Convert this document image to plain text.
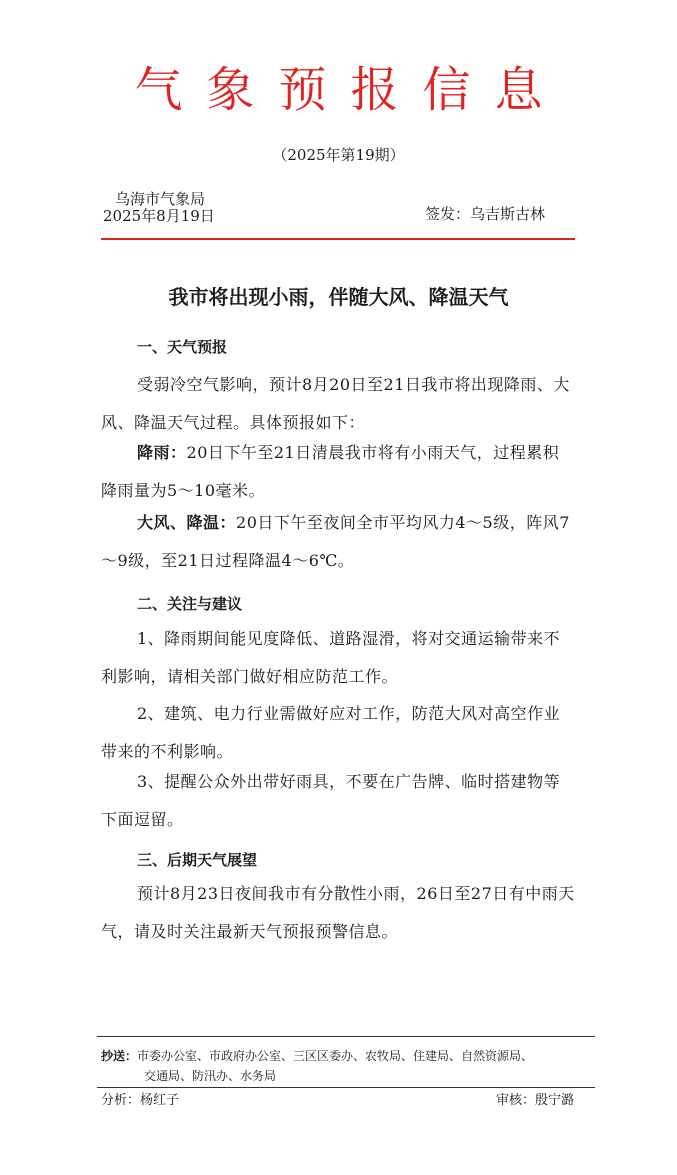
气象预报信息
（2025年第19期）
乌海市气象局
2025年8月19日	签发：乌吉斯古林
我市将出现小雨，伴随大风、降温天气
一、天气预报
受弱冷空气影响，预计8月20日至21日我市将出现降雨、大风、降温天气过程。具体预报如下：
降雨：20日下午至21日清晨我市将有小雨天气，过程累积降雨量为5～10毫米。
大风、降温：20日下午至夜间全市平均风力4～5级，阵风7～9级，至21日过程降温4～6℃。
二、关注与建议
1、降雨期间能见度降低、道路湿滑，将对交通运输带来不利影响，请相关部门做好相应防范工作。
2、建筑、电力行业需做好应对工作，防范大风对高空作业带来的不利影响。
3、提醒公众外出带好雨具，不要在广告牌、临时搭建物等下面逗留。
三、后期天气展望
预计8月23日夜间我市有分散性小雨，26日至27日有中雨天气，请及时关注最新天气预报预警信息。
抄送：市委办公室、市政府办公室、三区区委办、农牧局、住建局、自然资源局、
交通局、防汛办、水务局
分析：杨红子	审核：殷宁潞
